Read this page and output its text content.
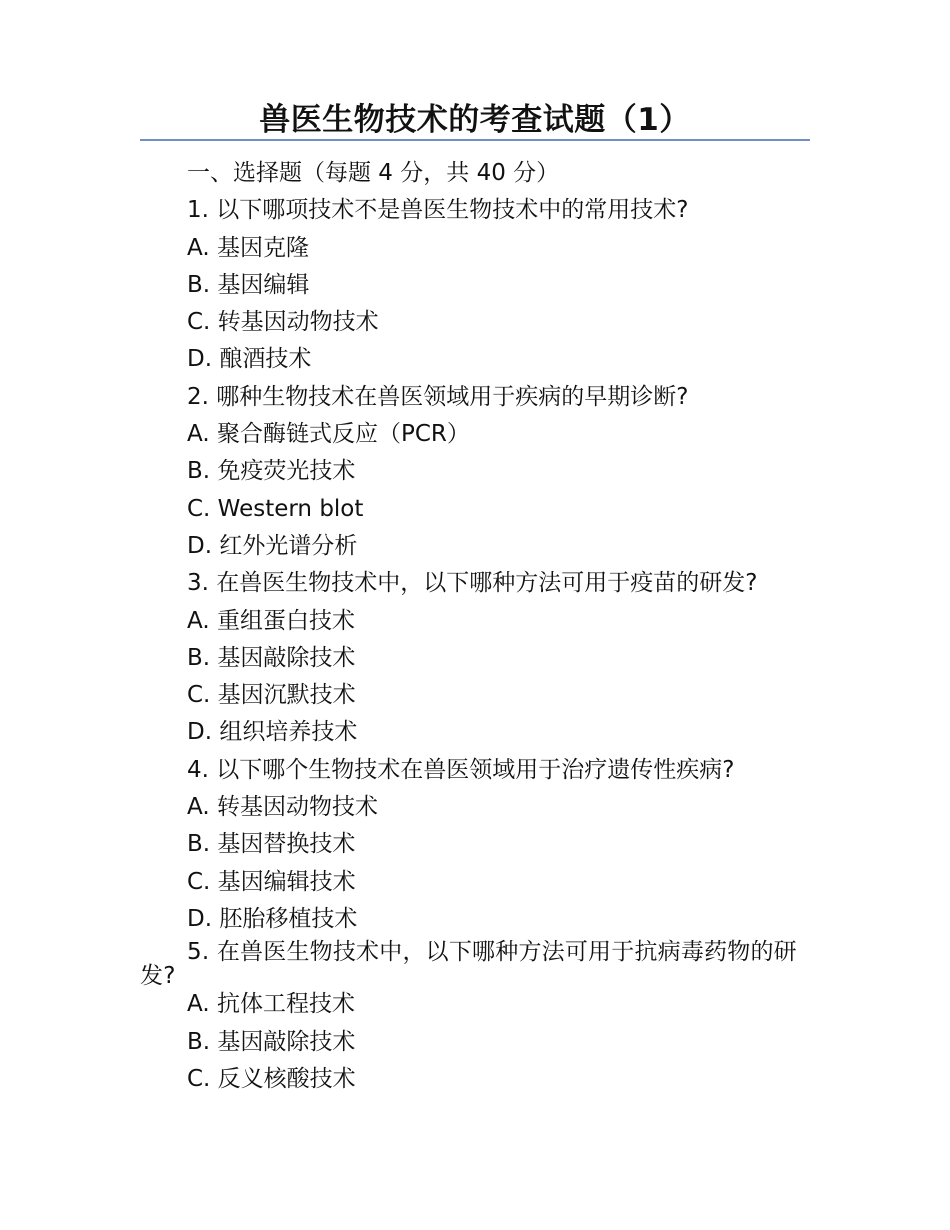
兽医生物技术的考查试题（1）
一、选择题（每题 4 分，共 40 分）
1. 以下哪项技术不是兽医生物技术中的常用技术?
A. 基因克隆
B. 基因编辑
C. 转基因动物技术
D. 酿酒技术
2. 哪种生物技术在兽医领域用于疾病的早期诊断?
A. 聚合酶链式反应（PCR）
B. 免疫荧光技术
C. Western blot
D. 红外光谱分析
3. 在兽医生物技术中，以下哪种方法可用于疫苗的研发?
A. 重组蛋白技术
B. 基因敲除技术
C. 基因沉默技术
D. 组织培养技术
4. 以下哪个生物技术在兽医领域用于治疗遗传性疾病?
A. 转基因动物技术
B. 基因替换技术
C. 基因编辑技术
D. 胚胎移植技术
5. 在兽医生物技术中，以下哪种方法可用于抗病毒药物的研发?
A. 抗体工程技术
B. 基因敲除技术
C. 反义核酸技术
